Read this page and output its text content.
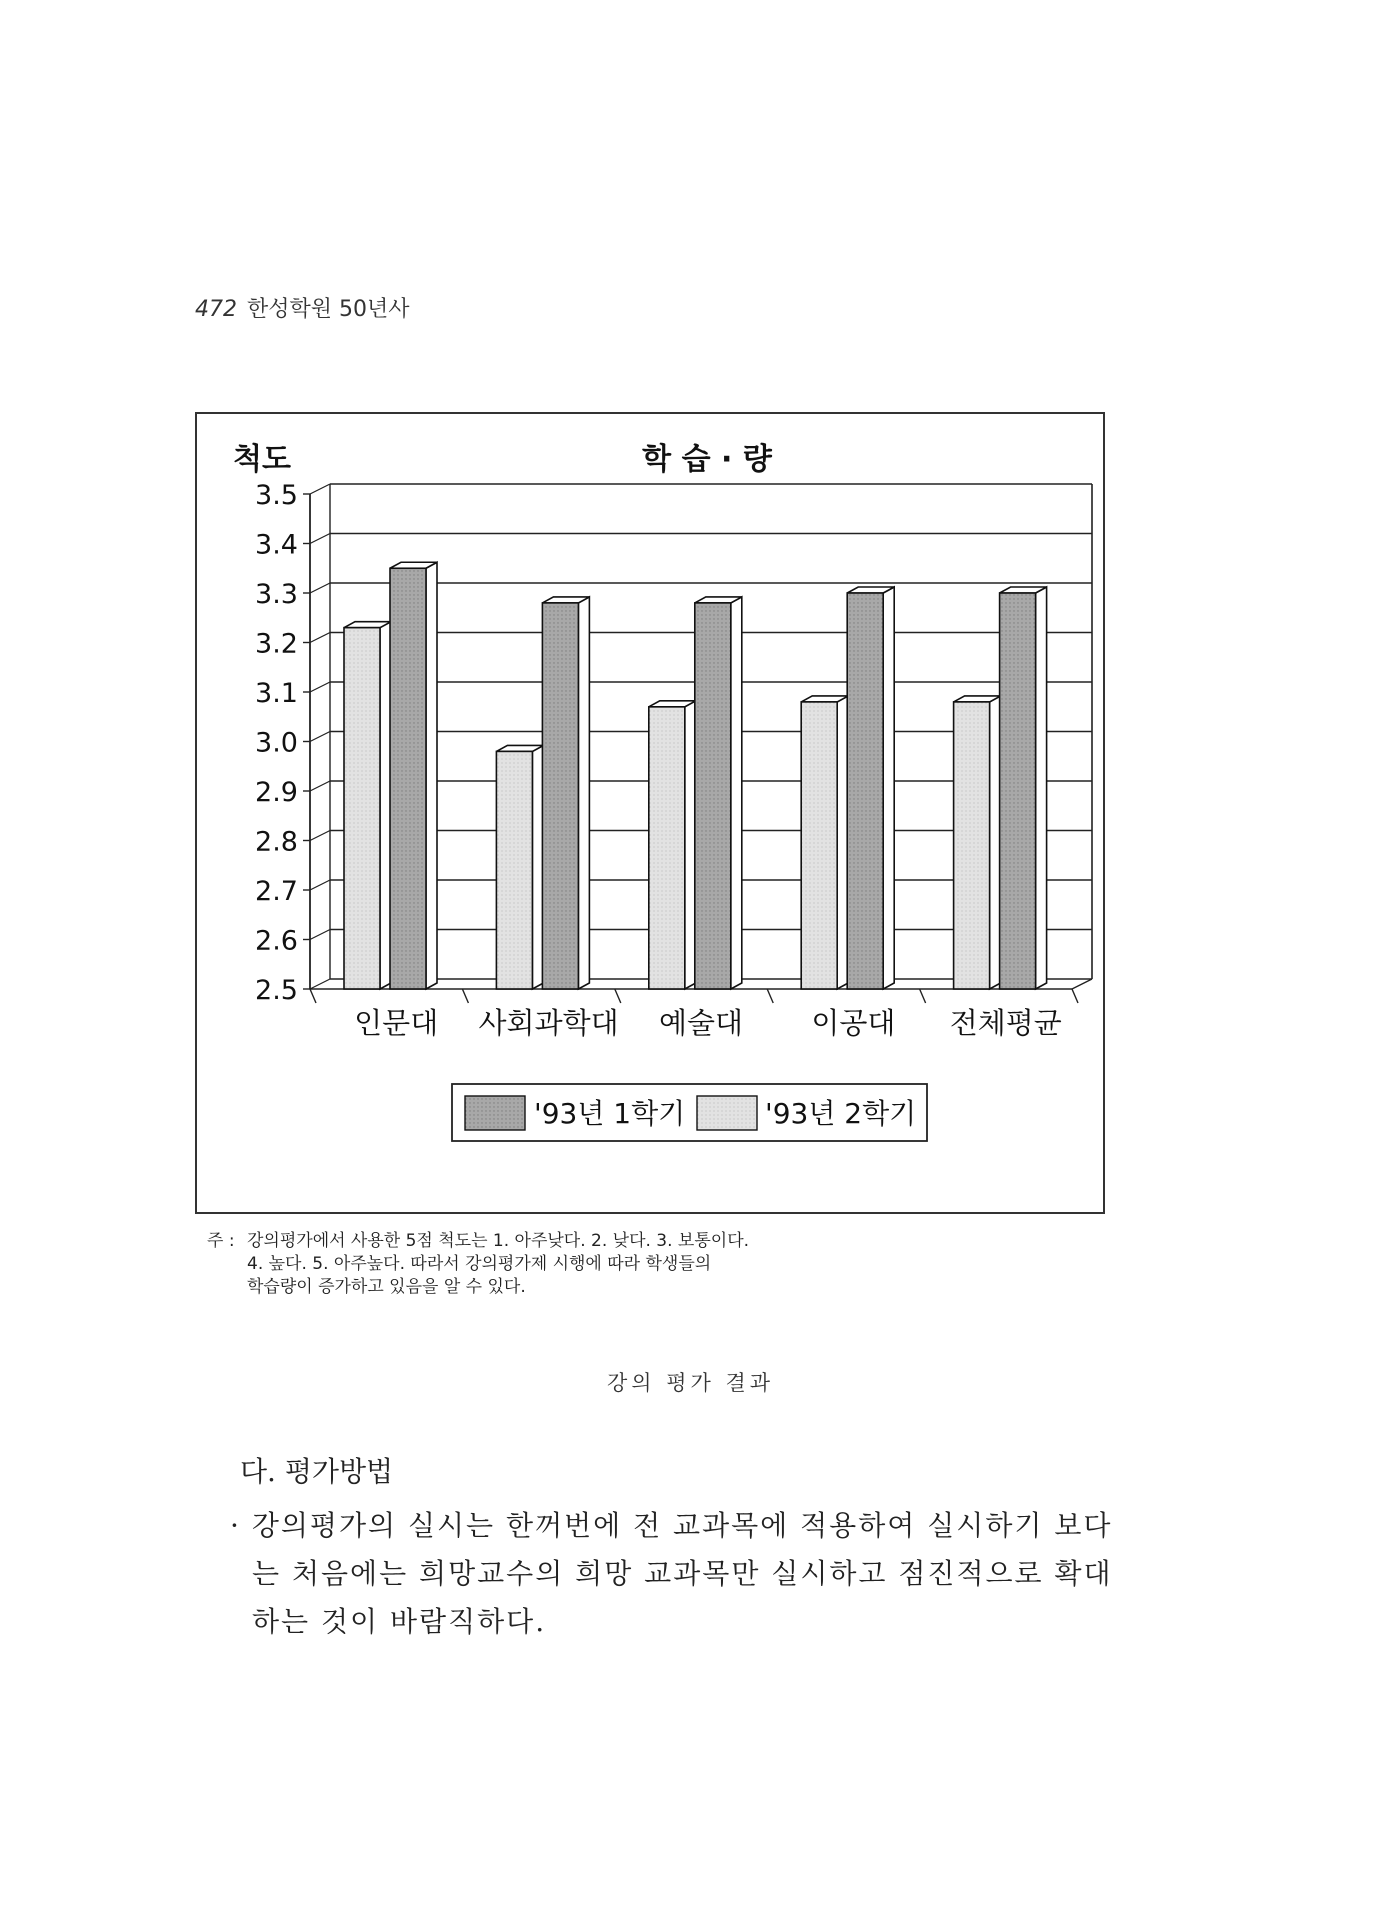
472 한성학원 50년사
척도	학 습 · 량
2.5
2.6
2.7
2.8
2.9
3.0
3.1
3.2
3.3
3.4
3.5
인문대 사회과학대 예술대 이공대 전체평균
'93년 1학기	'93년 2학기
주 : 강의평가에서 사용한 5점 척도는 1. 아주낮다. 2. 낮다. 3. 보통이다.
4. 높다. 5. 아주높다. 따라서 강의평가제 시행에 따라 학생들의
학습량이 증가하고 있음을 알 수 있다.
강의 평가 결과
다. 평가방법
· 강의평가의 실시는 한꺼번에 전 교과목에 적용하여 실시하기 보다
는 처음에는 희망교수의 희망 교과목만 실시하고 점진적으로 확대
하는 것이 바람직하다.
